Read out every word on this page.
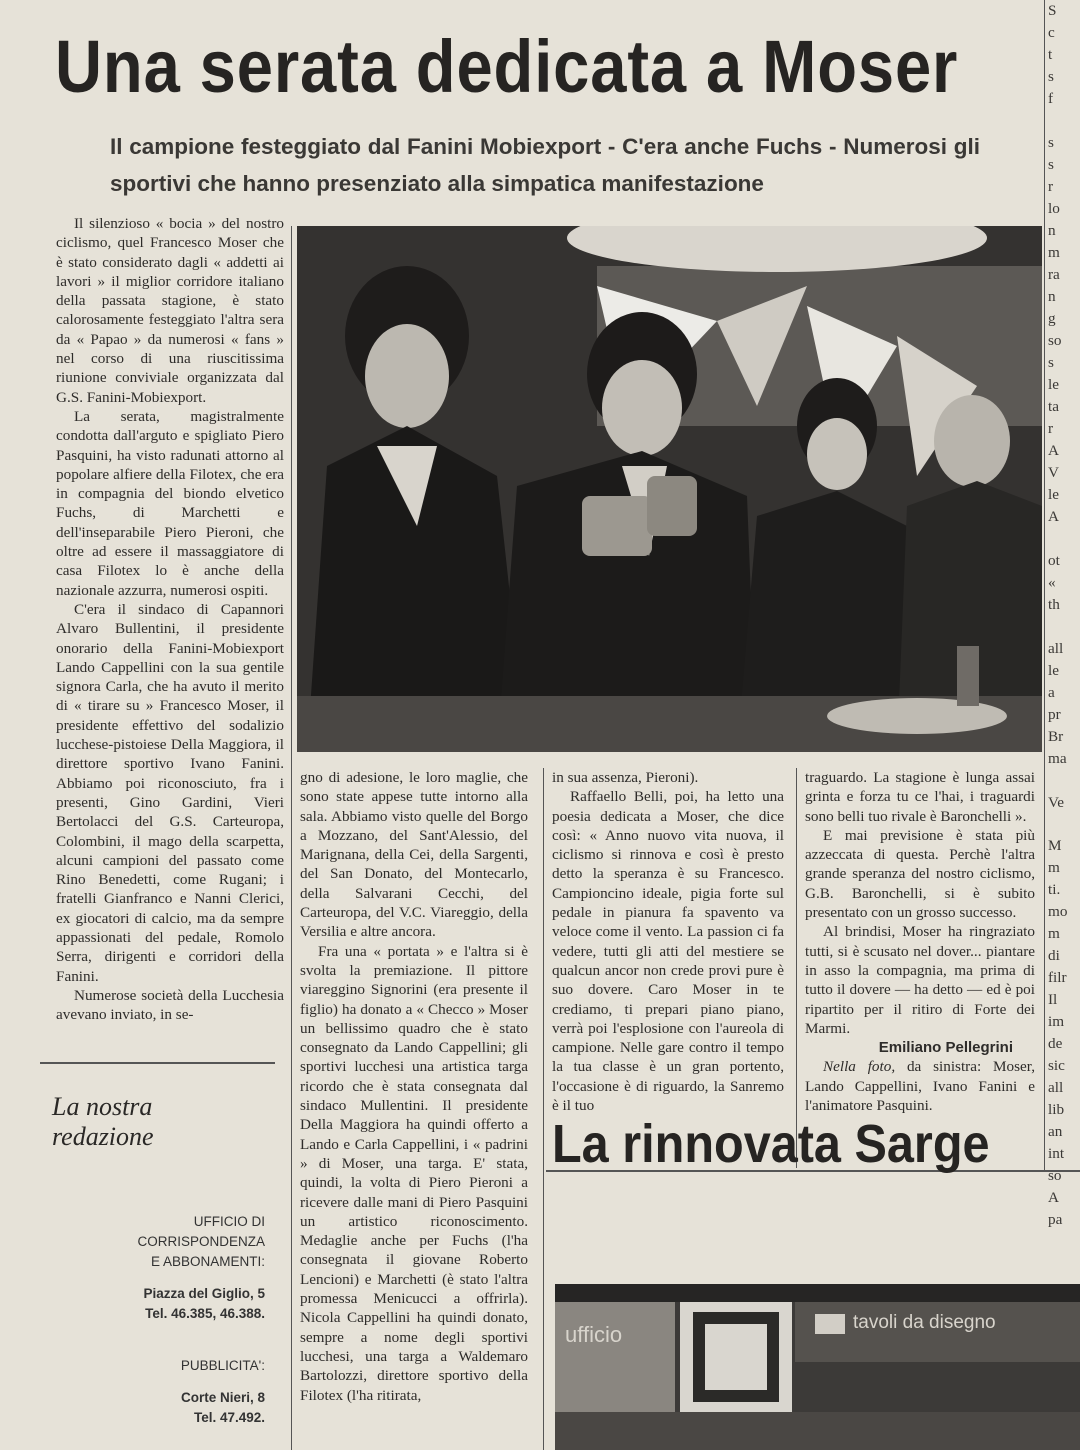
Una serata dedicata a Moser
Il campione festeggiato dal Fanini Mobiexport - C'era anche Fuchs - Numerosi gli sportivi che hanno presenziato alla simpatica manifestazione

Il silenzioso « bocia » del nostro ciclismo, quel Francesco Moser che è stato considerato dagli « addetti ai lavori » il miglior corridore italiano della passata stagione, è stato calorosamente festeggiato l'altra sera da « Papao » da numerosi « fans » nel corso di una riuscitissima riunione conviviale organizzata dal G.S. Fanini-Mobiexport.

La serata, magistralmente condotta dall'arguto e spigliato Piero Pasquini, ha visto radunati attorno al popolare alfiere della Filotex, che era in compagnia del biondo elvetico Fuchs, di Marchetti e dell'inseparabile Piero Pieroni, che oltre ad essere il massaggiatore di casa Filotex lo è anche della nazionale azzurra, numerosi ospiti.

C'era il sindaco di Capannori Alvaro Bullentini, il presidente onorario della Fanini-Mobiexport Lando Cappellini con la sua gentile signora Carla, che ha avuto il merito di « tirare su » Francesco Moser, il presidente effettivo del sodalizio lucchese-pistoiese Della Maggiora, il direttore sportivo Ivano Fanini. Abbiamo poi riconosciuto, fra i presenti, Gino Gardini, Vieri Bertolacci del G.S. Carteuropa, Colombini, il mago della scarpetta, alcuni campioni del passato come Rino Benedetti, come Rugani; i fratelli Gianfranco e Nanni Clerici, ex giocatori di calcio, ma da sempre appassionati del pedale, Romolo Serra, dirigenti e corridori della Fanini.

Numerose società della Lucchesia avevano inviato, in se-

gno di adesione, le loro maglie, che sono state appese tutte intorno alla sala. Abbiamo visto quelle del Borgo a Mozzano, del Sant'Alessio, del Marignana, della Cei, della Sargenti, del San Donato, del Montecarlo, della Salvarani Cecchi, del Carteuropa, del V.C. Viareggio, della Versilia e altre ancora.

Fra una « portata » e l'altra si è svolta la premiazione. Il pittore viareggino Signorini (era presente il figlio) ha donato a « Checco » Moser un bellissimo quadro che è stato consegnato da Lando Cappellini; gli sportivi lucchesi una artistica targa ricordo che è stata consegnata dal sindaco Mullentini. Il presidente Della Maggiora ha quindi offerto a Lando e Carla Cappellini, i « padrini » di Moser, una targa. E' stata, quindi, la volta di Piero Pieroni a ricevere dalle mani di Piero Pasquini un artistico riconoscimento. Medaglie anche per Fuchs (l'ha consegnata il giovane Roberto Lencioni) e Marchetti (è stato l'altra promessa Menicucci a offrirla). Nicola Cappellini ha quindi donato, sempre a nome degli sportivi lucchesi, una targa a Waldemaro Bartolozzi, direttore sportivo della Filotex (l'ha ritirata,

in sua assenza, Pieroni).

Raffaello Belli, poi, ha letto una poesia dedicata a Moser, che dice così: « Anno nuovo vita nuova, il ciclismo si rinnova e così è presto detto la speranza è su Francesco. Campioncino ideale, pigia forte sul pedale in pianura fa spavento va veloce come il vento. La passion ci fa vedere, tutti gli atti del mestiere se qualcun ancor non crede provi pure è suo dovere. Caro Moser in te crediamo, ti prepari piano piano, verrà poi l'esplosione con l'aureola di campione. Nelle gare contro il tempo la tua classe è un gran portento, l'occasione è di riguardo, la Sanremo è il tuo

traguardo. La stagione è lunga assai grinta e forza tu ce l'hai, i traguardi sono belli tuo rivale è Baronchelli ».

E mai previsione è stata più azzeccata di questa. Perchè l'altra grande speranza del nostro ciclismo, G.B. Baronchelli, si è subito presentato con un grosso successo.

Al brindisi, Moser ha ringraziato tutti, si è scusato nel dover... piantare in asso la compagnia, ma prima di tutto il dovere — ha detto — ed è poi ripartito per il ritiro di Forte dei Marmi.

Emiliano Pellegrini

Nella foto, da sinistra: Moser, Lando Cappellini, Ivano Fanini e l'animatore Pasquini.

La nostra
redazione
UFFICIO DI
CORRISPONDENZA
E ABBONAMENTI:
Piazza del Giglio, 5
Tel. 46.385, 46.388.
PUBBLICITA':
Corte Nieri, 8
Tel. 47.492.
La rinnovata Sarge
ufficio	tavoli da disegno
S
c
t
s
f

s
s
r
lo
n
m
ra
n
g
so
s
le
ta
r
A
V
le
A

ot
«
th

all
le
a
pr
Br
ma

Ve
M
m
ti.
mo
m
di
filr
Il
im
de
sic
all
lib
an
int
so
A
pa
